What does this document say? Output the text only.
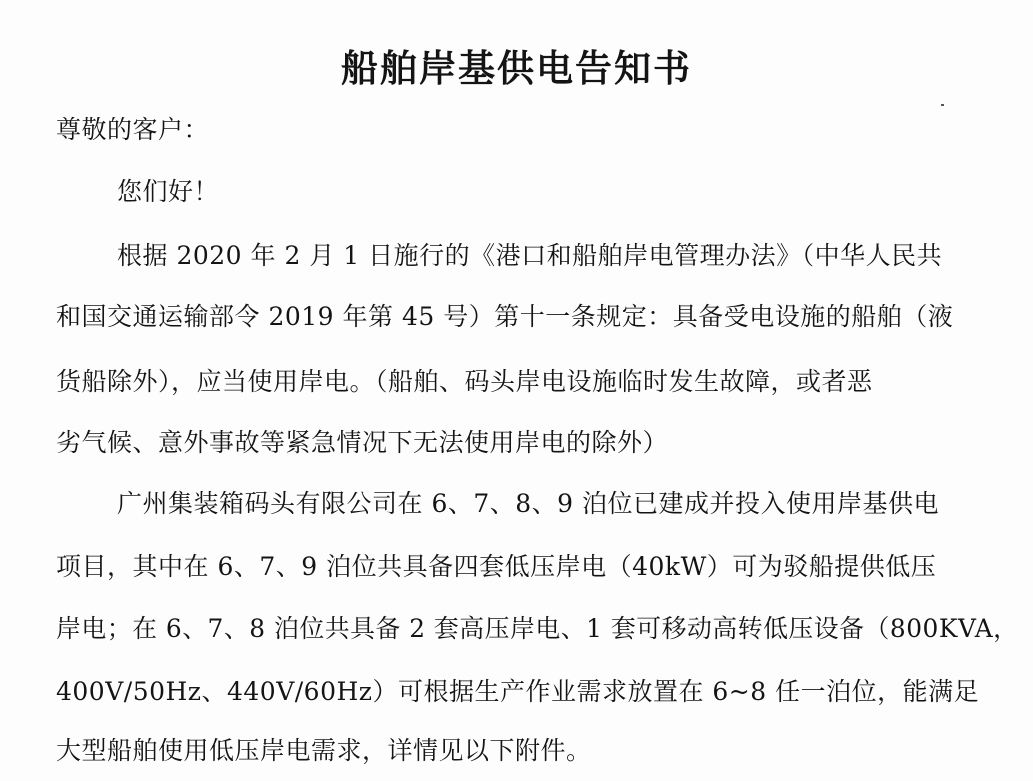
船舶岸基供电告知书
尊敬的客户：
您们好！
根据 2020 年 2 月 1 日施行的《港口和船舶岸电管理办法》（中华人民共
和国交通运输部令 2019 年第 45 号）第十一条规定：具备受电设施的船舶（液
货船除外），应当使用岸电。（船舶、码头岸电设施临时发生故障，或者恶
劣气候、意外事故等紧急情况下无法使用岸电的除外）
广州集装箱码头有限公司在 6、7、8、9 泊位已建成并投入使用岸基供电
项目，其中在 6、7、9 泊位共具备四套低压岸电（40kW）可为驳船提供低压
岸电；在 6、7、8 泊位共具备 2 套高压岸电、1 套可移动高转低压设备（800KVA，
400V/50Hz、440V/60Hz）可根据生产作业需求放置在 6~8 任一泊位，能满足
大型船舶使用低压岸电需求，详情见以下附件。
